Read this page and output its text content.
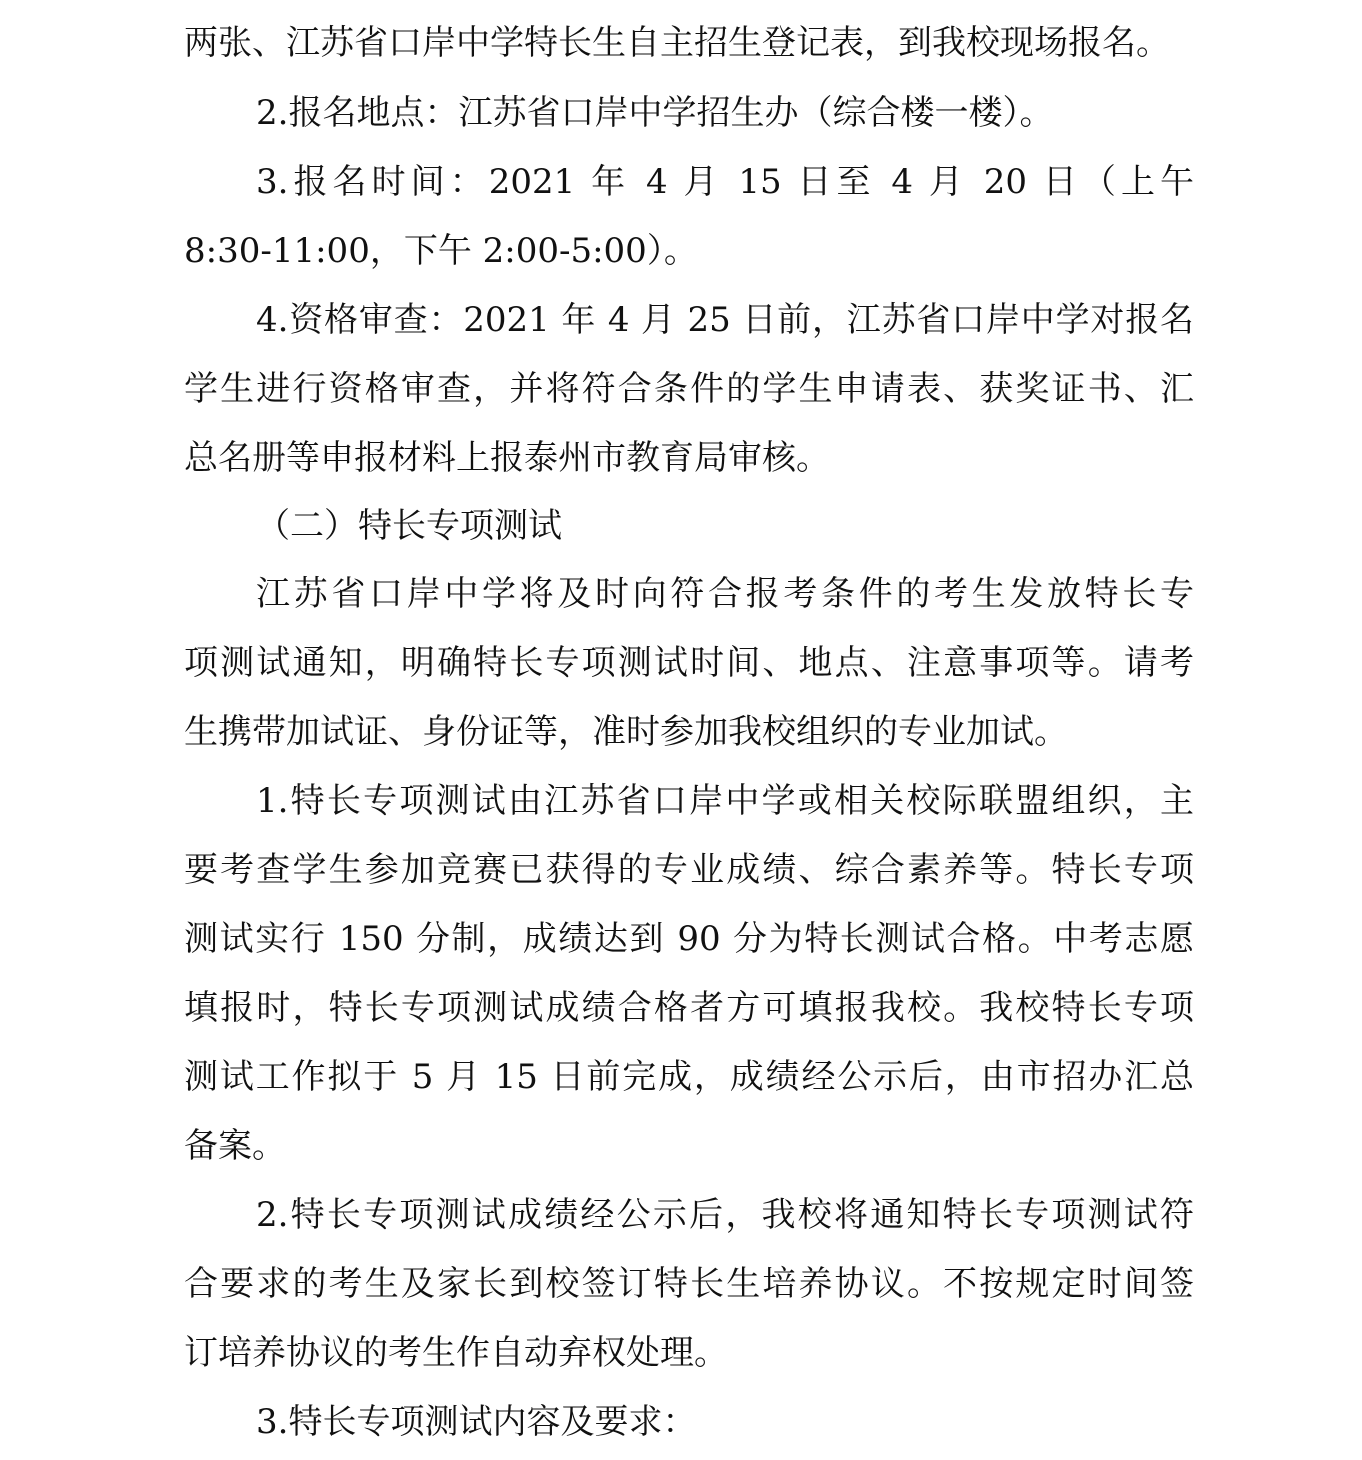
两张、江苏省口岸中学特长生自主招生登记表，到我校现场报名。
2.报名地点：江苏省口岸中学招生办（综合楼一楼）。
3.报名时间：2021 年 4 月 15 日至 4 月 20 日（上午
8:30-11:00，下午 2:00-5:00）。
4.资格审查：2021 年 4 月 25 日前，江苏省口岸中学对报名
学生进行资格审查，并将符合条件的学生申请表、获奖证书、汇
总名册等申报材料上报泰州市教育局审核。
（二）特长专项测试
江苏省口岸中学将及时向符合报考条件的考生发放特长专
项测试通知，明确特长专项测试时间、地点、注意事项等。请考
生携带加试证、身份证等，准时参加我校组织的专业加试。
1.特长专项测试由江苏省口岸中学或相关校际联盟组织，主
要考查学生参加竞赛已获得的专业成绩、综合素养等。特长专项
测试实行 150 分制，成绩达到 90 分为特长测试合格。中考志愿
填报时，特长专项测试成绩合格者方可填报我校。我校特长专项
测试工作拟于 5 月 15 日前完成，成绩经公示后，由市招办汇总
备案。
2.特长专项测试成绩经公示后，我校将通知特长专项测试符
合要求的考生及家长到校签订特长生培养协议。不按规定时间签
订培养协议的考生作自动弃权处理。
3.特长专项测试内容及要求：
